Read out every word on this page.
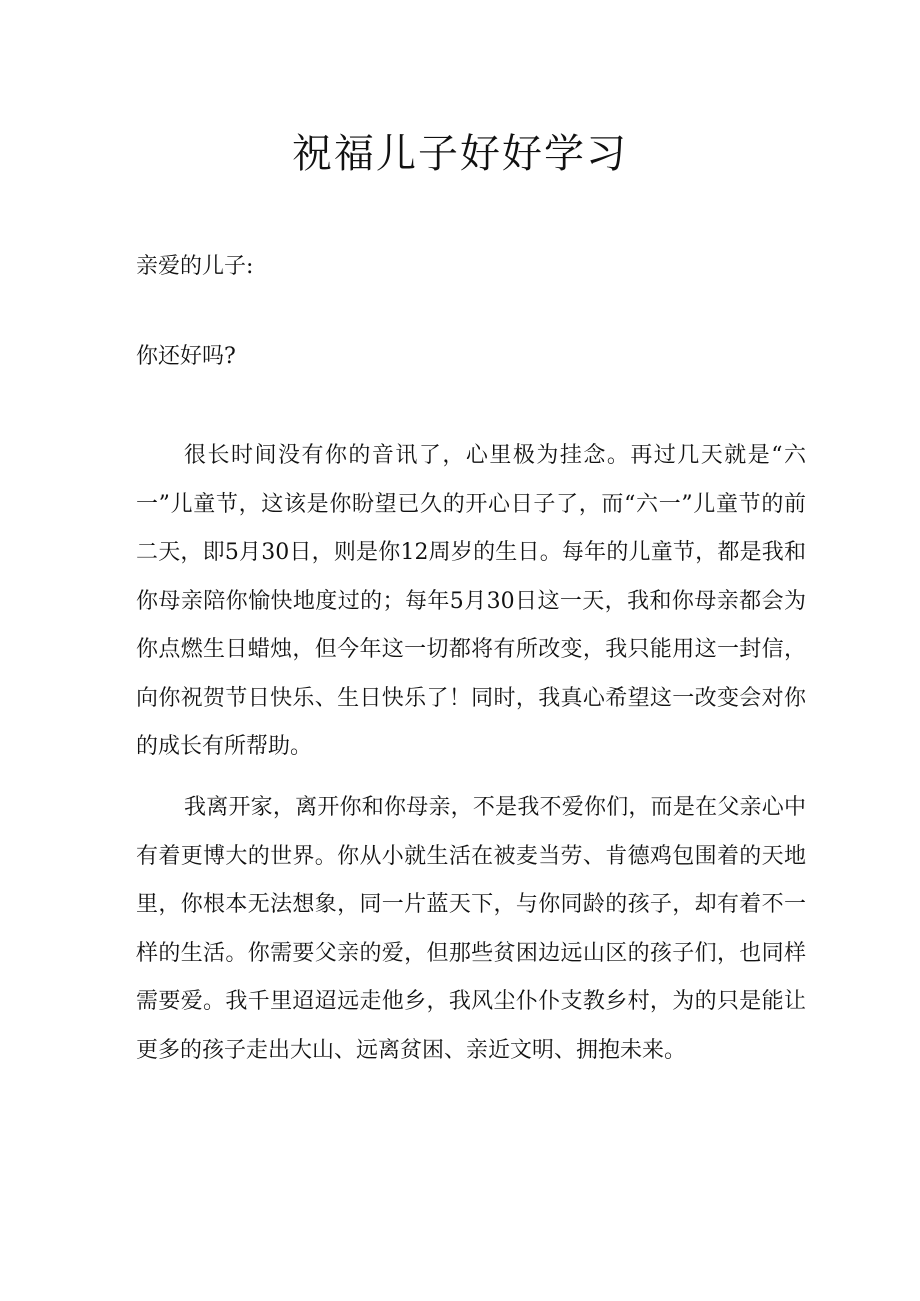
祝福儿子好好学习

亲爱的儿子:

你还好吗?

很长时间没有你的音讯了，心里极为挂念。再过几天就是“六一”儿童节，这该是你盼望已久的开心日子了，而“六一”儿童节的前二天，即5月30日，则是你12周岁的生日。每年的儿童节，都是我和你母亲陪你愉快地度过的；每年5月30日这一天，我和你母亲都会为你点燃生日蜡烛，但今年这一切都将有所改变，我只能用这一封信，向你祝贺节日快乐、生日快乐了！同时，我真心希望这一改变会对你的成长有所帮助。

我离开家，离开你和你母亲，不是我不爱你们，而是在父亲心中有着更博大的世界。你从小就生活在被麦当劳、肯德鸡包围着的天地里，你根本无法想象，同一片蓝天下，与你同龄的孩子，却有着不一样的生活。你需要父亲的爱，但那些贫困边远山区的孩子们，也同样需要爱。我千里迢迢远走他乡，我风尘仆仆支教乡村，为的只是能让更多的孩子走出大山、远离贫困、亲近文明、拥抱未来。
